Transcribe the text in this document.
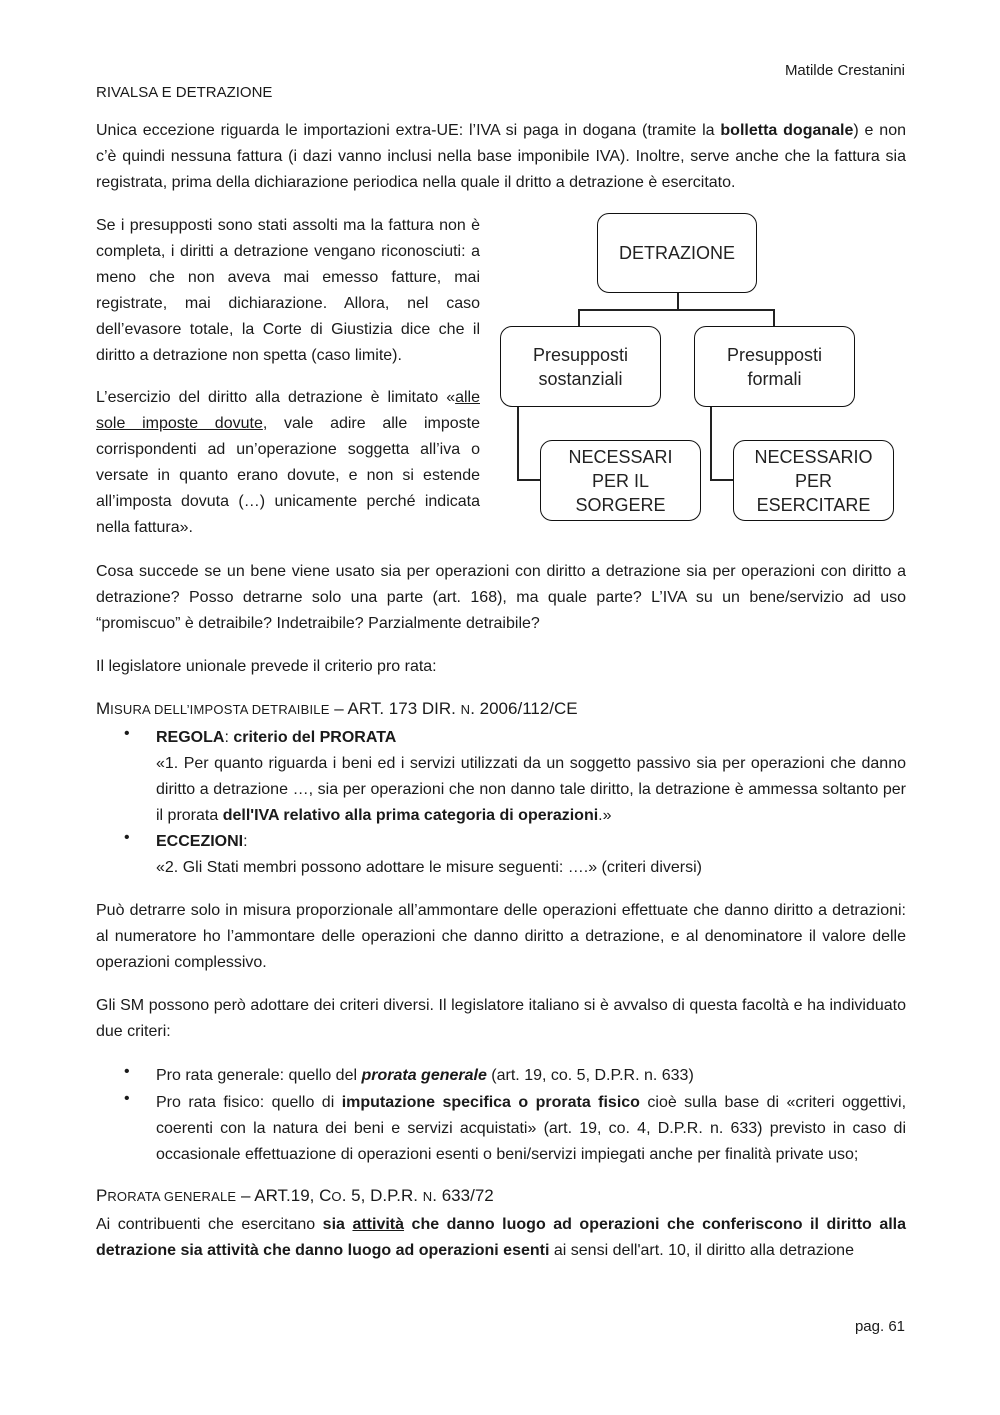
Matilde Crestanini
RIVALSA E DETRAZIONE

Unica eccezione riguarda le importazioni extra-UE: l’IVA si paga in dogana (tramite la bolletta doganale) e non c’è quindi nessuna fattura (i dazi vanno inclusi nella base imponibile IVA). Inoltre, serve anche che la fattura sia registrata, prima della dichiarazione periodica nella quale il dritto a detrazione è esercitato.

Se i presupposti sono stati assolti ma la fattura non è completa, i diritti a detrazione vengano riconosciuti: a meno che non aveva mai emesso fatture, mai registrate, mai dichiarazione. Allora, nel caso dell’evasore totale, la Corte di Giustizia dice che il diritto a detrazione non spetta (caso limite).

L’esercizio del diritto alla detrazione è limitato «alle sole imposte dovute, vale adire alle imposte corrispondenti ad un’operazione soggetta all’iva o versate in quanto erano dovute, e non si estende all’imposta dovuta (…) unicamente perché indicata nella fattura».

DETRAZIONE
Presupposti sostanziali
Presupposti formali
NECESSARI PER IL SORGERE
NECESSARIO PER ESERCITARE

Cosa succede se un bene viene usato sia per operazioni con diritto a detrazione sia per operazioni con diritto a detrazione? Posso detrarne solo una parte (art. 168), ma quale parte? L’IVA su un bene/servizio ad uso “promiscuo” è detraibile? Indetraibile? Parzialmente detraibile?

Il legislatore unionale prevede il criterio pro rata:

MISURA DELL’IMPOSTA DETRAIBILE – ART. 173 DIR. N. 2006/112/CE
• REGOLA: criterio del PRORATA
«1. Per quanto riguarda i beni ed i servizi utilizzati da un soggetto passivo sia per operazioni che danno diritto a detrazione …, sia per operazioni che non danno tale diritto, la detrazione è ammessa soltanto per il prorata dell'IVA relativo alla prima categoria di operazioni.»

• ECCEZIONI:
«2. Gli Stati membri possono adottare le misure seguenti: ….» (criteri diversi)

Può detrarre solo in misura proporzionale all’ammontare delle operazioni effettuate che danno diritto a detrazioni: al numeratore ho l’ammontare delle operazioni che danno diritto a detrazione, e al denominatore il valore delle operazioni complessivo.

Gli SM possono però adottare dei criteri diversi. Il legislatore italiano si è avvalso di questa facoltà e ha individuato due criteri:

• Pro rata generale: quello del prorata generale (art. 19, co. 5, D.P.R. n. 633)

• Pro rata fisico: quello di imputazione specifica o prorata fisico cioè sulla base di «criteri oggettivi, coerenti con la natura dei beni e servizi acquistati» (art. 19, co. 4, D.P.R. n. 633) previsto in caso di occasionale effettuazione di operazioni esenti o beni/servizi impiegati anche per finalità private uso;

PRORATA GENERALE – ART.19, CO. 5, D.P.R. N. 633/72

Ai contribuenti che esercitano sia attività che danno luogo ad operazioni che conferiscono il diritto alla detrazione sia attività che danno luogo ad operazioni esenti ai sensi dell'art. 10, il diritto alla detrazione

pag. 61
